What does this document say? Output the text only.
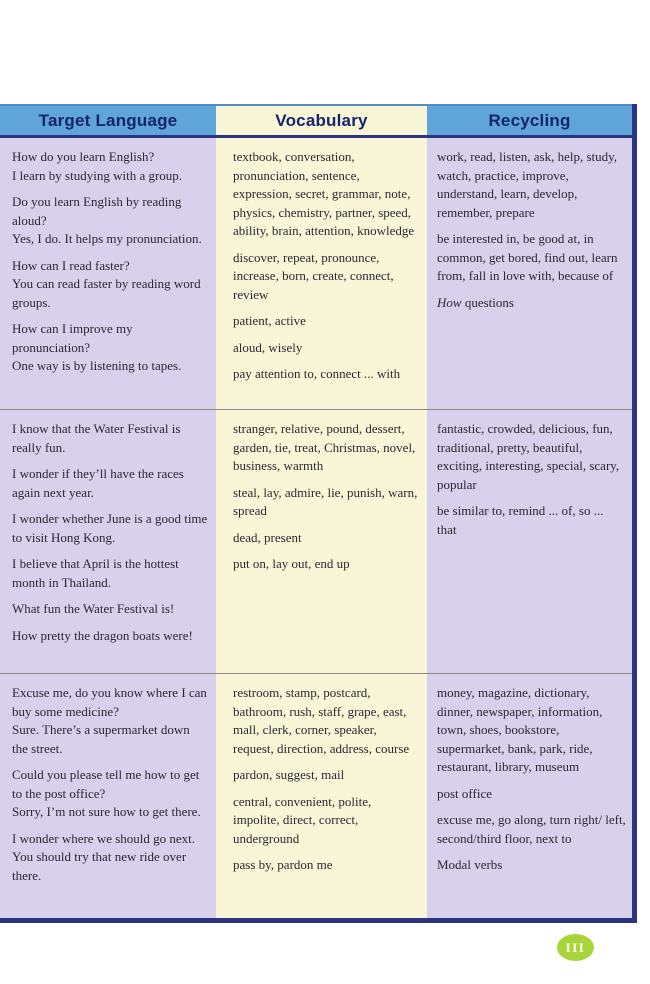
Target Language	Vocabulary	Recycling
How do you learn English?
I learn by studying with a group.
Do you learn English by reading aloud?
Yes, I do. It helps my pronunciation.
How can I read faster?
You can read faster by reading word groups.
How can I improve my pronunciation?
One way is by listening to tapes.

textbook, conversation, pronunciation, sentence, expression, secret, grammar, note, physics, chemistry, partner, speed, ability, brain, attention, knowledge

discover, repeat, pronounce, increase, born, create, connect, review

patient, active

aloud, wisely

pay attention to, connect ... with

work, read, listen, ask, help, study, watch, practice, improve, understand, learn, develop, remember, prepare

be interested in, be good at, in common, get bored, find out, learn from, fall in love with, because of

How questions

I know that the Water Festival is really fun.

I wonder if they’ll have the races again next year.

I wonder whether June is a good time to visit Hong Kong.

I believe that April is the hottest month in Thailand.

What fun the Water Festival is!

How pretty the dragon boats were!

stranger, relative, pound, dessert, garden, tie, treat, Christmas, novel, business, warmth

steal, lay, admire, lie, punish, warn, spread

dead, present

put on, lay out, end up

fantastic, crowded, delicious, fun, traditional, pretty, beautiful, exciting, interesting, special, scary, popular

be similar to, remind ... of, so ... that

Excuse me, do you know where I can buy some medicine?
Sure. There’s a supermarket down the street.
Could you please tell me how to get to the post office?
Sorry, I’m not sure how to get there.
I wonder where we should go next.
You should try that new ride over there.

restroom, stamp, postcard, bathroom, rush, staff, grape, east, mall, clerk, corner, speaker, request, direction, address, course

pardon, suggest, mail

central, convenient, polite, impolite, direct, correct, underground

pass by, pardon me

money, magazine, dictionary, dinner, newspaper, information, town, shoes, bookstore, supermarket, bank, park, ride, restaurant, library, museum

post office

excuse me, go along, turn right/ left, second/third floor, next to

Modal verbs

III
